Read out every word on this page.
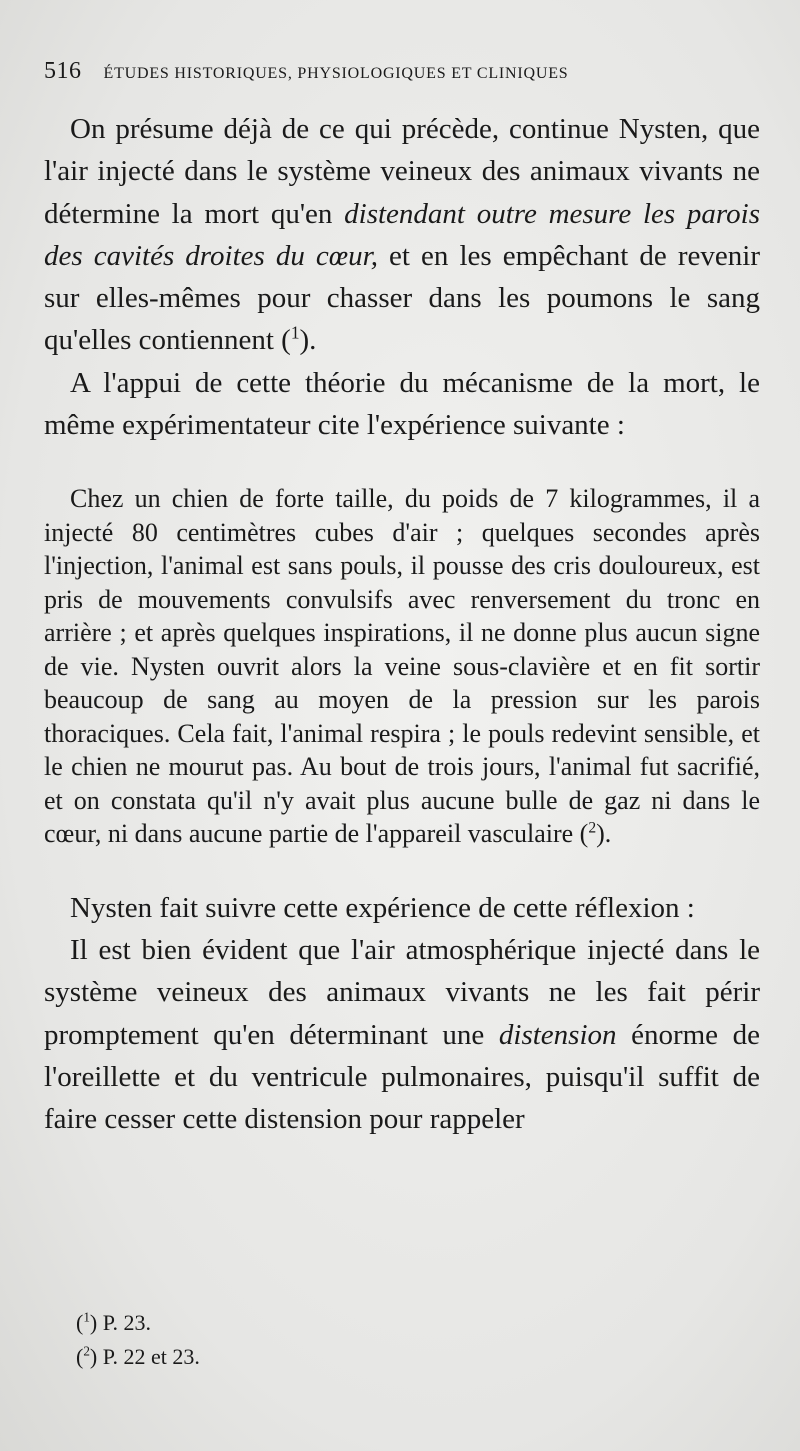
516 ÉTUDES HISTORIQUES, PHYSIOLOGIQUES ET CLINIQUES

On présume déjà de ce qui précède, continue Nysten, que l'air injecté dans le système veineux des animaux vivants ne détermine la mort qu'en distendant outre mesure les parois des cavités droites du cœur, et en les empêchant de revenir sur elles-mêmes pour chasser dans les poumons le sang qu'elles contiennent ($^1$).

A l'appui de cette théorie du mécanisme de la mort, le même expérimentateur cite l'expérience suivante :

Chez un chien de forte taille, du poids de 7 kilogrammes, il a injecté 80 centimètres cubes d'air ; quelques secondes après l'injection, l'animal est sans pouls, il pousse des cris douloureux, est pris de mouvements convulsifs avec renversement du tronc en arrière ; et après quelques inspirations, il ne donne plus aucun signe de vie. Nysten ouvrit alors la veine sous-clavière et en fit sortir beaucoup de sang au moyen de la pression sur les parois thoraciques. Cela fait, l'animal respira ; le pouls redevint sensible, et le chien ne mourut pas. Au bout de trois jours, l'animal fut sacrifié, et on constata qu'il n'y avait plus aucune bulle de gaz ni dans le cœur, ni dans aucune partie de l'appareil vasculaire ($^2$).

Nysten fait suivre cette expérience de cette réflexion :

Il est bien évident que l'air atmosphérique injecté dans le système veineux des animaux vivants ne les fait périr promptement qu'en déterminant une distension énorme de l'oreillette et du ventricule pulmonaires, puisqu'il suffit de faire cesser cette distension pour rappeler

($^1$) P. 23.
($^2$) P. 22 et 23.
